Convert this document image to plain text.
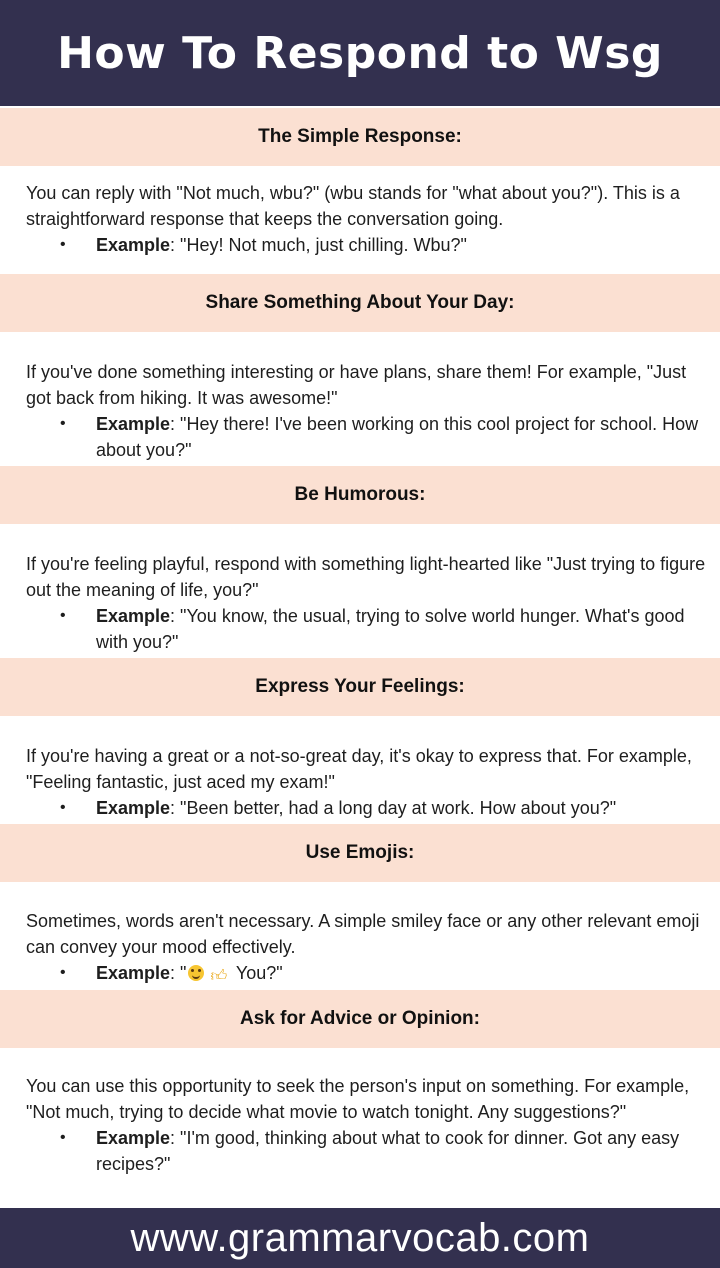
How To Respond to Wsg
The Simple Response:

You can reply with "Not much, wbu?" (wbu stands for "what about you?"). This is a straightforward response that keeps the conversation going.

• Example: "Hey! Not much, just chilling. Wbu?"
Share Something About Your Day:

If you've done something interesting or have plans, share them! For example, "Just got back from hiking. It was awesome!"

• Example: "Hey there! I've been working on this cool project for school. How about you?"
Be Humorous:

If you're feeling playful, respond with something light-hearted like "Just trying to figure out the meaning of life, you?"

• Example: "You know, the usual, trying to solve world hunger. What's good with you?"
Express Your Feelings:

If you're having a great or a not-so-great day, it's okay to express that. For example, "Feeling fantastic, just aced my exam!"

• Example: "Been better, had a long day at work. How about you?"
Use Emojis:

Sometimes, words aren't necessary. A simple smiley face or any other relevant emoji can convey your mood effectively.

• Example: " 👍︎ You?"
Ask for Advice or Opinion:

You can use this opportunity to seek the person's input on something. For example, "Not much, trying to decide what movie to watch tonight. Any suggestions?"

• Example: "I'm good, thinking about what to cook for dinner. Got any easy recipes?"
www.grammarvocab.com
